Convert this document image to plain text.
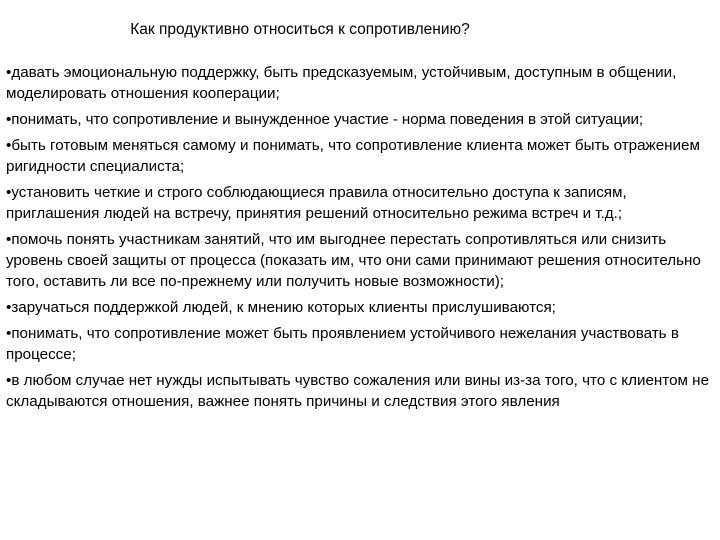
Как продуктивно относиться к сопротивлению?
• давать эмоциональную поддержку, быть предсказуемым, устойчивым, доступным в общении, моделировать отношения кооперации;
• понимать, что сопротивление и вынужденное участие - норма поведения в этой ситуации;
• быть готовым меняться самому и понимать, что сопротивление клиента может быть отражением ригидности специалиста;
• установить четкие и строго соблюдающиеся правила относительно доступа к записям, приглашения людей на встречу, принятия решений относительно режима встреч и т.д.;
• помочь понять участникам занятий, что им выгоднее перестать сопротивляться или снизить уровень своей защиты от процесса (показать им, что они сами принимают решения относительно того, оставить ли все по-прежнему или получить новые возможности);
• заручаться поддержкой людей, к мнению которых клиенты прислушиваются;
• понимать, что сопротивление может быть проявлением устойчивого нежелания участвовать в процессе;
• в любом случае нет нужды испытывать чувство сожаления или вины из-за того, что с клиентом не складываются отношения, важнее понять причины и следствия этого явления
